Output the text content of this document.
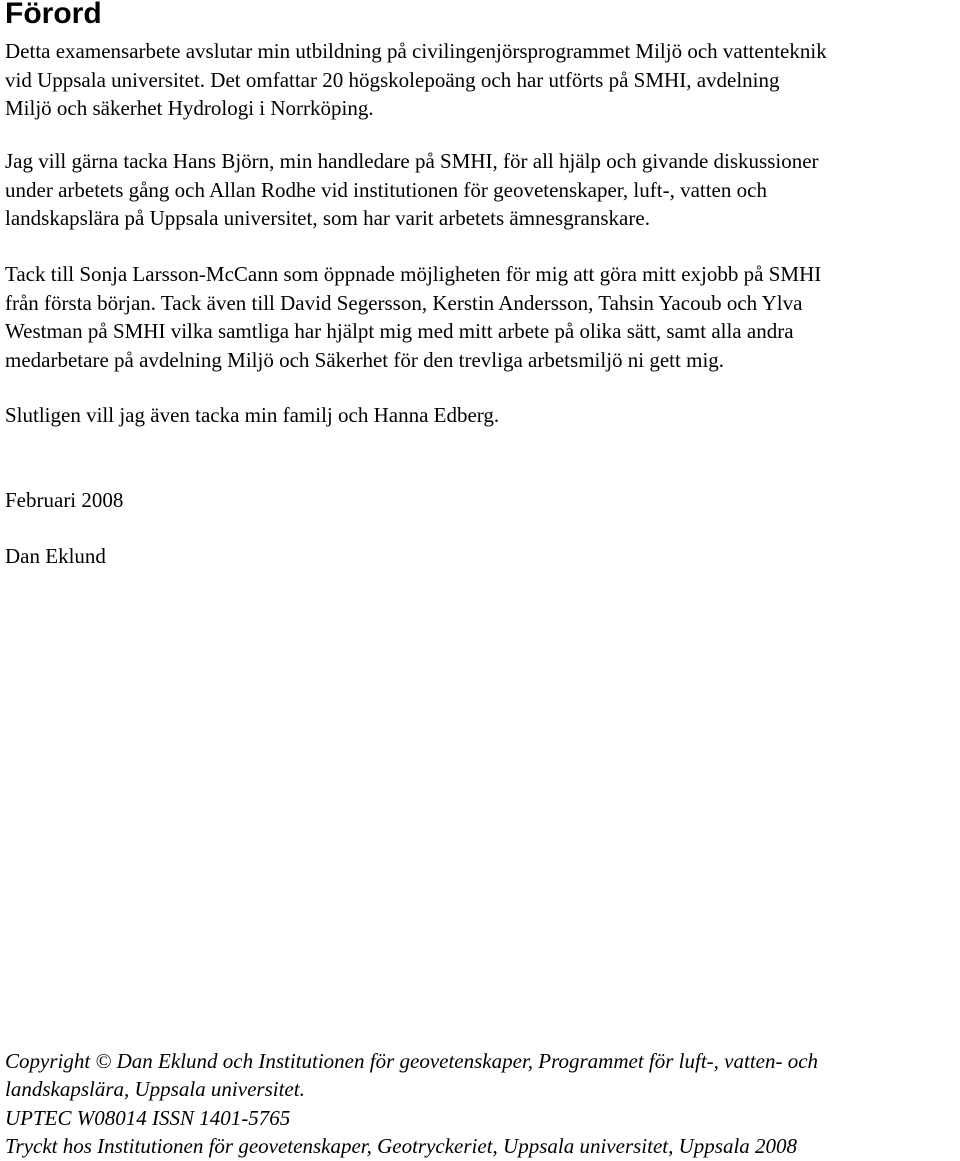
Förord

Detta examensarbete avslutar min utbildning på civilingenjörsprogrammet Miljö och vattenteknik
vid Uppsala universitet. Det omfattar 20 högskolepoäng och har utförts på SMHI, avdelning
Miljö och säkerhet Hydrologi i Norrköping.

Jag vill gärna tacka Hans Björn, min handledare på SMHI, för all hjälp och givande diskussioner
under arbetets gång och Allan Rodhe vid institutionen för geovetenskaper, luft-, vatten och
landskapslära på Uppsala universitet, som har varit arbetets ämnesgranskare.

Tack till Sonja Larsson-McCann som öppnade möjligheten för mig att göra mitt exjobb på SMHI
från första början. Tack även till David Segersson, Kerstin Andersson, Tahsin Yacoub och Ylva
Westman på SMHI vilka samtliga har hjälpt mig med mitt arbete på olika sätt, samt alla andra
medarbetare på avdelning Miljö och Säkerhet för den trevliga arbetsmiljö ni gett mig.

Slutligen vill jag även tacka min familj och Hanna Edberg.

Februari 2008

Dan Eklund

Copyright © Dan Eklund och Institutionen för geovetenskaper, Programmet för luft-, vatten- och
landskapslära, Uppsala universitet.
UPTEC W08014 ISSN 1401-5765
Tryckt hos Institutionen för geovetenskaper, Geotryckeriet, Uppsala universitet, Uppsala 2008
